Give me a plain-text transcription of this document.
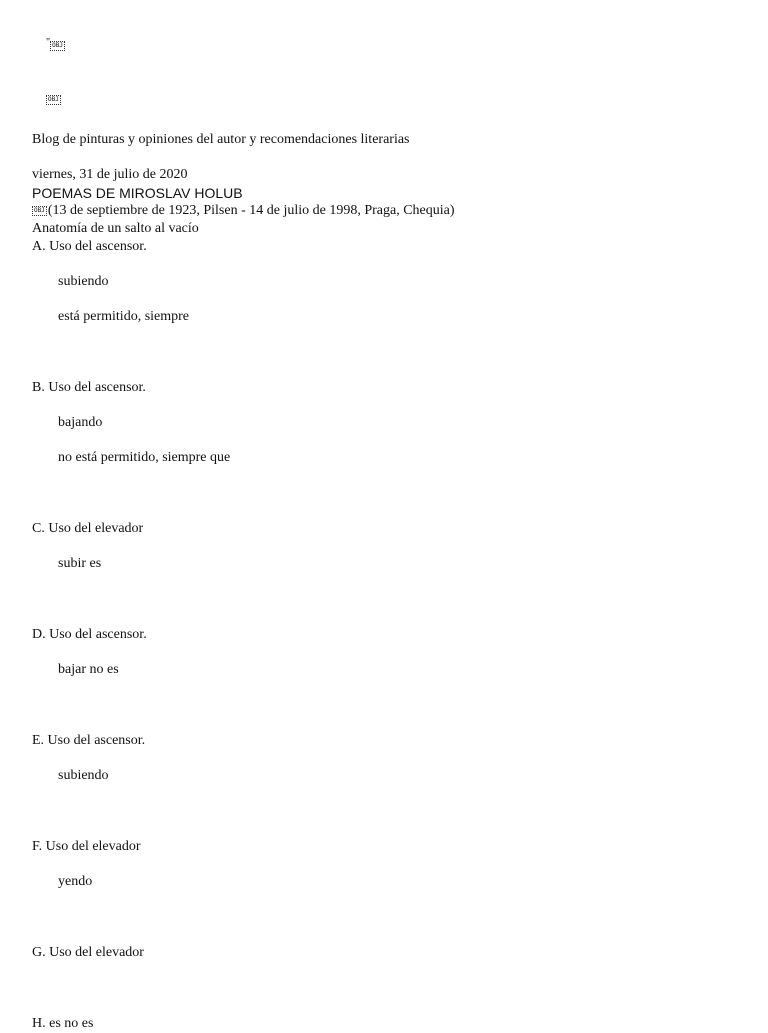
" OBJ

OBJ

Blog de pinturas y opiniones del autor y recomendaciones literarias
viernes, 31 de julio de 2020
POEMAS DE MIROSLAV HOLUB
OBJ (13 de septiembre de 1923, Pilsen - 14 de julio de 1998, Praga, Chequia)
Anatomía de un salto al vacío
A. Uso del ascensor.
subiendo
está permitido, siempre
B. Uso del ascensor.
bajando
no está permitido, siempre que
C. Uso del elevador
subir es
D. Uso del ascensor.
bajar no es
E. Uso del ascensor.
subiendo
F. Uso del elevador
yendo
G. Uso del elevador
H. es no es
